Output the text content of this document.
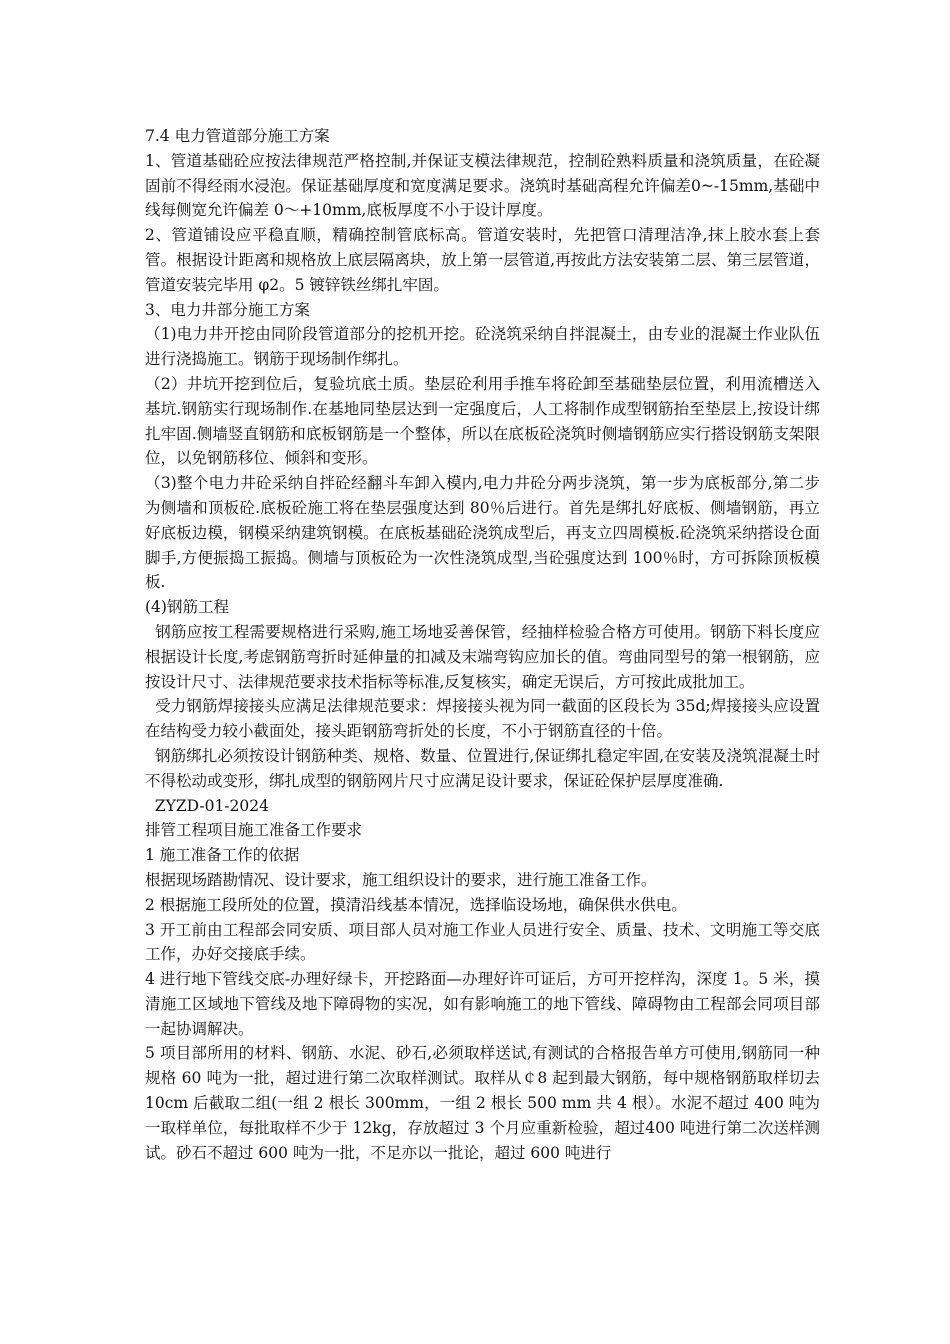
7.4 电力管道部分施工方案

1、管道基础砼应按法律规范严格控制,并保证支模法律规范，控制砼熟料质量和浇筑质量，在砼凝固前不得经雨水浸泡。保证基础厚度和宽度满足要求。浇筑时基础高程允许偏差0~-15mm,基础中线每侧宽允许偏差 0～+10mm,底板厚度不小于设计厚度。

2、管道铺设应平稳直顺，精确控制管底标高。管道安装时，先把管口清理洁净,抹上胶水套上套管。根据设计距离和规格放上底层隔离块，放上第一层管道,再按此方法安装第二层、第三层管道，管道安装完毕用 φ2。5 镀锌铁丝绑扎牢固。

3、电力井部分施工方案

（1)电力井开挖由同阶段管道部分的挖机开挖。砼浇筑采纳自拌混凝土，由专业的混凝土作业队伍进行浇捣施工。钢筋于现场制作绑扎。

（2）井坑开挖到位后，复验坑底土质。垫层砼利用手推车将砼卸至基础垫层位置，利用流槽送入基坑.钢筋实行现场制作.在基地同垫层达到一定强度后，人工将制作成型钢筋抬至垫层上,按设计绑扎牢固.侧墙竖直钢筋和底板钢筋是一个整体，所以在底板砼浇筑时侧墙钢筋应实行搭设钢筋支架限位，以免钢筋移位、倾斜和变形。

（3)整个电力井砼采纳自拌砼经翻斗车卸入模内,电力井砼分两步浇筑，第一步为底板部分,第二步为侧墙和顶板砼.底板砼施工将在垫层强度达到 80％后进行。首先是绑扎好底板、侧墙钢筋，再立好底板边模，钢模采纳建筑钢模。在底板基础砼浇筑成型后，再支立四周模板.砼浇筑采纳搭设仓面脚手,方便振捣工振捣。侧墙与顶板砼为一次性浇筑成型,当砼强度达到 100％时，方可拆除顶板模板.

(4)钢筋工程

钢筋应按工程需要规格进行采购,施工场地妥善保管，经抽样检验合格方可使用。钢筋下料长度应根据设计长度,考虑钢筋弯折时延伸量的扣减及末端弯钩应加长的值。弯曲同型号的第一根钢筋，应按设计尺寸、法律规范要求技术指标等标准,反复核实，确定无误后，方可按此成批加工。

受力钢筋焊接接头应满足法律规范要求：焊接接头视为同一截面的区段长为 35d;焊接接头应设置在结构受力较小截面处，接头距钢筋弯折处的长度，不小于钢筋直径的十倍。

钢筋绑扎必须按设计钢筋种类、规格、数量、位置进行,保证绑扎稳定牢固,在安装及浇筑混凝土时不得松动或变形，绑扎成型的钢筋网片尺寸应满足设计要求，保证砼保护层厚度准确.

ZYZD-01-2024

排管工程项目施工准备工作要求

1 施工准备工作的依据

根据现场踏勘情况、设计要求，施工组织设计的要求，进行施工准备工作。

2 根据施工段所处的位置，摸清沿线基本情况，选择临设场地，确保供水供电。

3 开工前由工程部会同安质、项目部人员对施工作业人员进行安全、质量、技术、文明施工等交底工作，办好交接底手续。

4 进行地下管线交底-办理好绿卡，开挖路面—办理好许可证后，方可开挖样沟，深度 1。5 米，摸清施工区域地下管线及地下障碍物的实况，如有影响施工的地下管线、障碍物由工程部会同项目部一起协调解决。

5 项目部所用的材料、钢筋、水泥、砂石,必须取样送试,有测试的合格报告单方可使用,钢筋同一种规格 60 吨为一批，超过进行第二次取样测试。取样从￠8 起到最大钢筋，每中规格钢筋取样切去 10cm 后截取二组(一组 2 根长 300mm，一组 2 根长 500 mm 共 4 根）。水泥不超过 400 吨为一取样单位，每批取样不少于 12kg，存放超过 3 个月应重新检验，超过400 吨进行第二次送样测试。砂石不超过 600 吨为一批，不足亦以一批论，超过 600 吨进行
